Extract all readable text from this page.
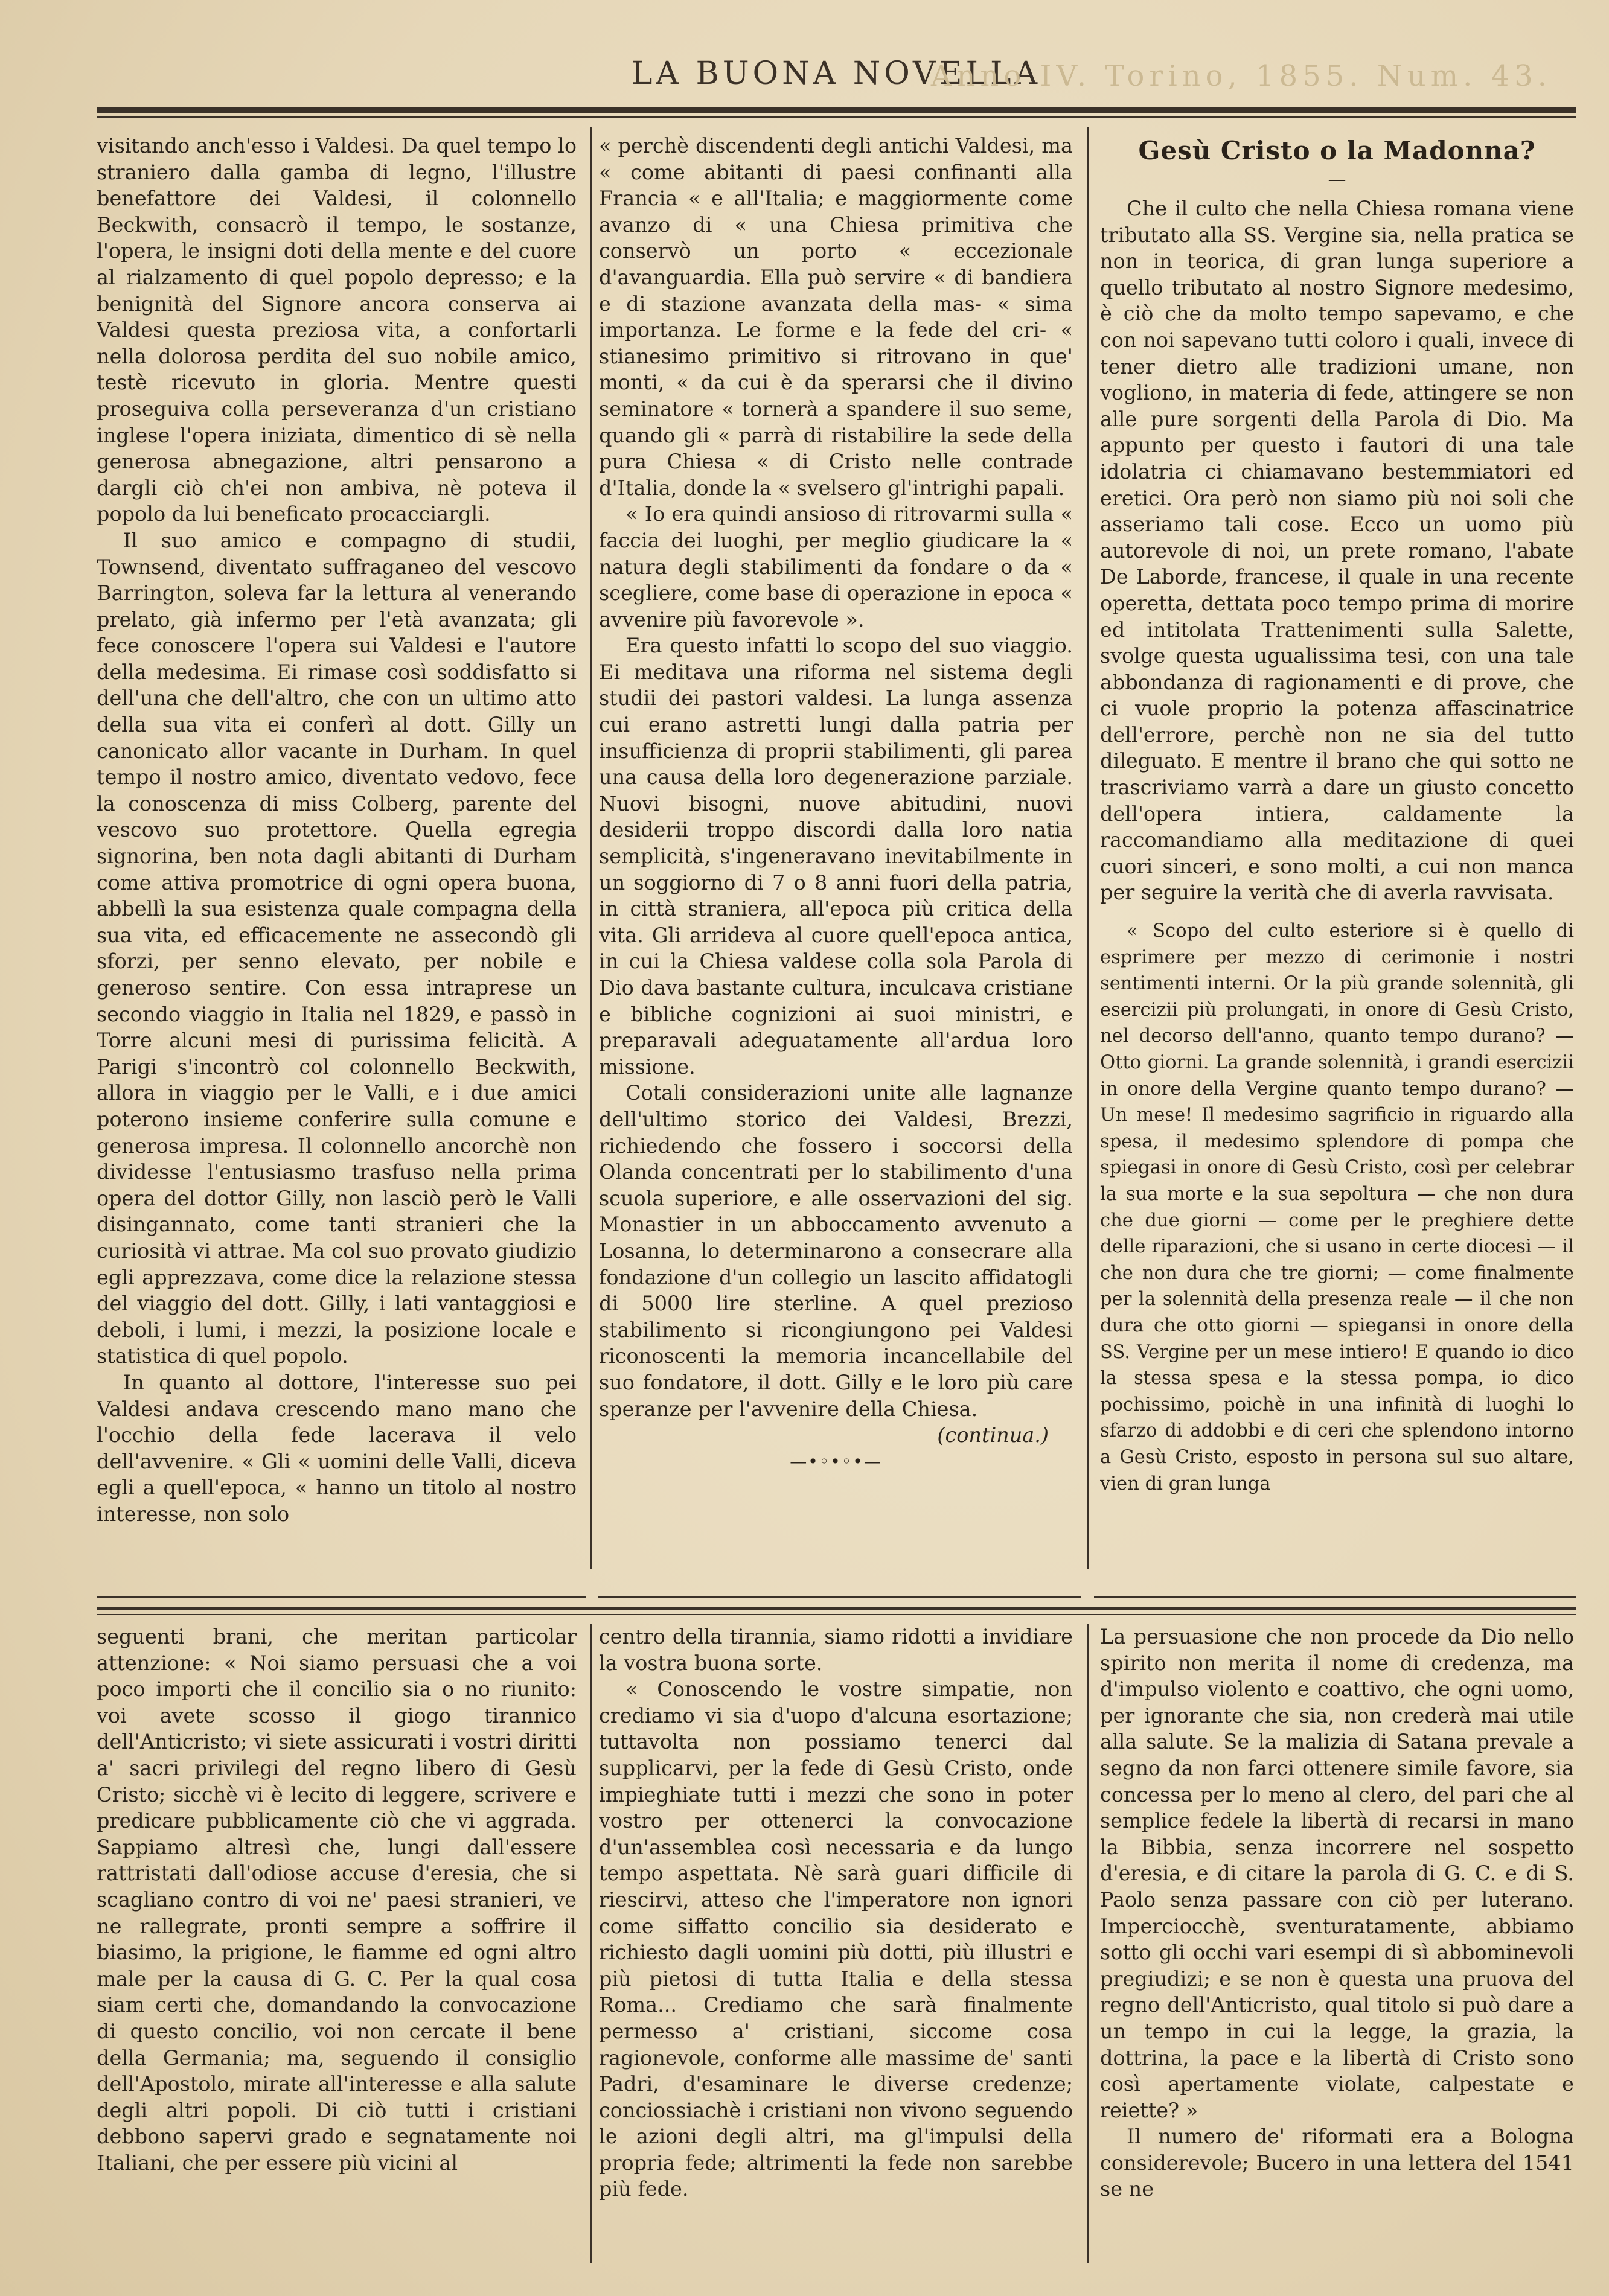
LA BUONA NOVELLA
Anno IV. Torino, 1855. Num. 43.

visitando anch'esso i Valdesi. Da quel tempo lo straniero dalla gamba di legno, l'illustre benefattore dei Valdesi, il colonnello Beckwith, consacrò il tempo, le sostanze, l'opera, le insigni doti della mente e del cuore al rialzamento di quel popolo depresso; e la benignità del Signore ancora conserva ai Valdesi questa preziosa vita, a confortarli nella dolorosa perdita del suo nobile amico, testè ricevuto in gloria. Mentre questi proseguiva colla perseveranza d'un cristiano inglese l'opera iniziata, dimentico di sè nella generosa abnegazione, altri pensarono a dargli ciò ch'ei non ambiva, nè poteva il popolo da lui beneficato procacciargli.

Il suo amico e compagno di studii, Townsend, diventato suffraganeo del vescovo Barrington, soleva far la lettura al venerando prelato, già infermo per l'età avanzata; gli fece conoscere l'opera sui Valdesi e l'autore della medesima. Ei rimase così soddisfatto si dell'una che dell'altro, che con un ultimo atto della sua vita ei conferì al dott. Gilly un canonicato allor vacante in Durham. In quel tempo il nostro amico, diventato vedovo, fece la conoscenza di miss Colberg, parente del vescovo suo protettore. Quella egregia signorina, ben nota dagli abitanti di Durham come attiva promotrice di ogni opera buona, abbellì la sua esistenza quale compagna della sua vita, ed efficacemente ne assecondò gli sforzi, per senno elevato, per nobile e generoso sentire. Con essa intraprese un secondo viaggio in Italia nel 1829, e passò in Torre alcuni mesi di purissima felicità. A Parigi s'incontrò col colonnello Beckwith, allora in viaggio per le Valli, e i due amici poterono insieme conferire sulla comune e generosa impresa. Il colonnello ancorchè non dividesse l'entusiasmo trasfuso nella prima opera del dottor Gilly, non lasciò però le Valli disingannato, come tanti stranieri che la curiosità vi attrae. Ma col suo provato giudizio egli apprezzava, come dice la relazione stessa del viaggio del dott. Gilly, i lati vantaggiosi e deboli, i lumi, i mezzi, la posizione locale e statistica di quel popolo.

In quanto al dottore, l'interesse suo pei Valdesi andava crescendo mano mano che l'occhio della fede lacerava il velo dell'avvenire. « Gli « uomini delle Valli, diceva egli a quell'epoca, « hanno un titolo al nostro interesse, non solo

« perchè discendenti degli antichi Valdesi, ma « come abitanti di paesi confinanti alla Francia « e all'Italia; e maggiormente come avanzo di « una Chiesa primitiva che conservò un porto « eccezionale d'avanguardia. Ella può servire « di bandiera e di stazione avanzata della mas- « sima importanza. Le forme e la fede del cri- « stianesimo primitivo si ritrovano in que' monti, « da cui è da sperarsi che il divino seminatore « tornerà a spandere il suo seme, quando gli « parrà di ristabilire la sede della pura Chiesa « di Cristo nelle contrade d'Italia, donde la « svelsero gl'intrighi papali.

« Io era quindi ansioso di ritrovarmi sulla « faccia dei luoghi, per meglio giudicare la « natura degli stabilimenti da fondare o da « scegliere, come base di operazione in epoca « avvenire più favorevole ».

Era questo infatti lo scopo del suo viaggio. Ei meditava una riforma nel sistema degli studii dei pastori valdesi. La lunga assenza cui erano astretti lungi dalla patria per insufficienza di proprii stabilimenti, gli parea una causa della loro degenerazione parziale. Nuovi bisogni, nuove abitudini, nuovi desiderii troppo discordi dalla loro natia semplicità, s'ingeneravano inevitabilmente in un soggiorno di 7 o 8 anni fuori della patria, in città straniera, all'epoca più critica della vita. Gli arrideva al cuore quell'epoca antica, in cui la Chiesa valdese colla sola Parola di Dio dava bastante cultura, inculcava cristiane e bibliche cognizioni ai suoi ministri, e preparavali adeguatamente all'ardua loro missione.

Cotali considerazioni unite alle lagnanze dell'ultimo storico dei Valdesi, Brezzi, richiedendo che fossero i soccorsi della Olanda concentrati per lo stabilimento d'una scuola superiore, e alle osservazioni del sig. Monastier in un abboccamento avvenuto a Losanna, lo determinarono a consecrare alla fondazione d'un collegio un lascito affidatogli di 5000 lire sterline. A quel prezioso stabilimento si ricongiungono pei Valdesi riconoscenti la memoria incancellabile del suo fondatore, il dott. Gilly e le loro più care speranze per l'avvenire della Chiesa.

(continua.)

—•◦•◦•—

Gesù Cristo o la Madonna?
—

Che il culto che nella Chiesa romana viene tributato alla SS. Vergine sia, nella pratica se non in teorica, di gran lunga superiore a quello tributato al nostro Signore medesimo, è ciò che da molto tempo sapevamo, e che con noi sapevano tutti coloro i quali, invece di tener dietro alle tradizioni umane, non vogliono, in materia di fede, attingere se non alle pure sorgenti della Parola di Dio. Ma appunto per questo i fautori di una tale idolatria ci chiamavano bestemmiatori ed eretici. Ora però non siamo più noi soli che asseriamo tali cose. Ecco un uomo più autorevole di noi, un prete romano, l'abate De Laborde, francese, il quale in una recente operetta, dettata poco tempo prima di morire ed intitolata Trattenimenti sulla Salette, svolge questa ugualissima tesi, con una tale abbondanza di ragionamenti e di prove, che ci vuole proprio la potenza affascinatrice dell'errore, perchè non ne sia del tutto dileguato. E mentre il brano che qui sotto ne trascriviamo varrà a dare un giusto concetto dell'opera intiera, caldamente la raccomandiamo alla meditazione di quei cuori sinceri, e sono molti, a cui non manca per seguire la verità che di averla ravvisata.

« Scopo del culto esteriore si è quello di esprimere per mezzo di cerimonie i nostri sentimenti interni. Or la più grande solennità, gli esercizii più prolungati, in onore di Gesù Cristo, nel decorso dell'anno, quanto tempo durano? — Otto giorni. La grande solennità, i grandi esercizii in onore della Vergine quanto tempo durano? — Un mese! Il medesimo sagrificio in riguardo alla spesa, il medesimo splendore di pompa che spiegasi in onore di Gesù Cristo, così per celebrar la sua morte e la sua sepoltura — che non dura che due giorni — come per le preghiere dette delle riparazioni, che si usano in certe diocesi — il che non dura che tre giorni; — come finalmente per la solennità della presenza reale — il che non dura che otto giorni — spiegansi in onore della SS. Vergine per un mese intiero! E quando io dico la stessa spesa e la stessa pompa, io dico pochissimo, poichè in una infinità di luoghi lo sfarzo di addobbi e di ceri che splendono intorno a Gesù Cristo, esposto in persona sul suo altare, vien di gran lunga

seguenti brani, che meritan particolar attenzione: « Noi siamo persuasi che a voi poco importi che il concilio sia o no riunito: voi avete scosso il giogo tirannico dell'Anticristo; vi siete assicurati i vostri diritti a' sacri privilegi del regno libero di Gesù Cristo; sicchè vi è lecito di leggere, scrivere e predicare pubblicamente ciò che vi aggrada. Sappiamo altresì che, lungi dall'essere rattristati dall'odiose accuse d'eresia, che si scagliano contro di voi ne' paesi stranieri, ve ne rallegrate, pronti sempre a soffrire il biasimo, la prigione, le fiamme ed ogni altro male per la causa di G. C. Per la qual cosa siam certi che, domandando la convocazione di questo concilio, voi non cercate il bene della Germania; ma, seguendo il consiglio dell'Apostolo, mirate all'interesse e alla salute degli altri popoli. Di ciò tutti i cristiani debbono sapervi grado e segnatamente noi Italiani, che per essere più vicini al

centro della tirannia, siamo ridotti a invidiare la vostra buona sorte.

« Conoscendo le vostre simpatie, non crediamo vi sia d'uopo d'alcuna esortazione; tuttavolta non possiamo tenerci dal supplicarvi, per la fede di Gesù Cristo, onde impieghiate tutti i mezzi che sono in poter vostro per ottenerci la convocazione d'un'assemblea così necessaria e da lungo tempo aspettata. Nè sarà guari difficile di riescirvi, atteso che l'imperatore non ignori come siffatto concilio sia desiderato e richiesto dagli uomini più dotti, più illustri e più pietosi di tutta Italia e della stessa Roma... Crediamo che sarà finalmente permesso a' cristiani, siccome cosa ragionevole, conforme alle massime de' santi Padri, d'esaminare le diverse credenze; conciossiachè i cristiani non vivono seguendo le azioni degli altri, ma gl'impulsi della propria fede; altrimenti la fede non sarebbe più fede.

La persuasione che non procede da Dio nello spirito non merita il nome di credenza, ma d'impulso violento e coattivo, che ogni uomo, per ignorante che sia, non crederà mai utile alla salute. Se la malizia di Satana prevale a segno da non farci ottenere simile favore, sia concessa per lo meno al clero, del pari che al semplice fedele la libertà di recarsi in mano la Bibbia, senza incorrere nel sospetto d'eresia, e di citare la parola di G. C. e di S. Paolo senza passare con ciò per luterano. Imperciocchè, sventuratamente, abbiamo sotto gli occhi vari esempi di sì abbominevoli pregiudizi; e se non è questa una pruova del regno dell'Anticristo, qual titolo si può dare a un tempo in cui la legge, la grazia, la dottrina, la pace e la libertà di Cristo sono così apertamente violate, calpestate e reiette? »

Il numero de' riformati era a Bologna considerevole; Bucero in una lettera del 1541 se ne
